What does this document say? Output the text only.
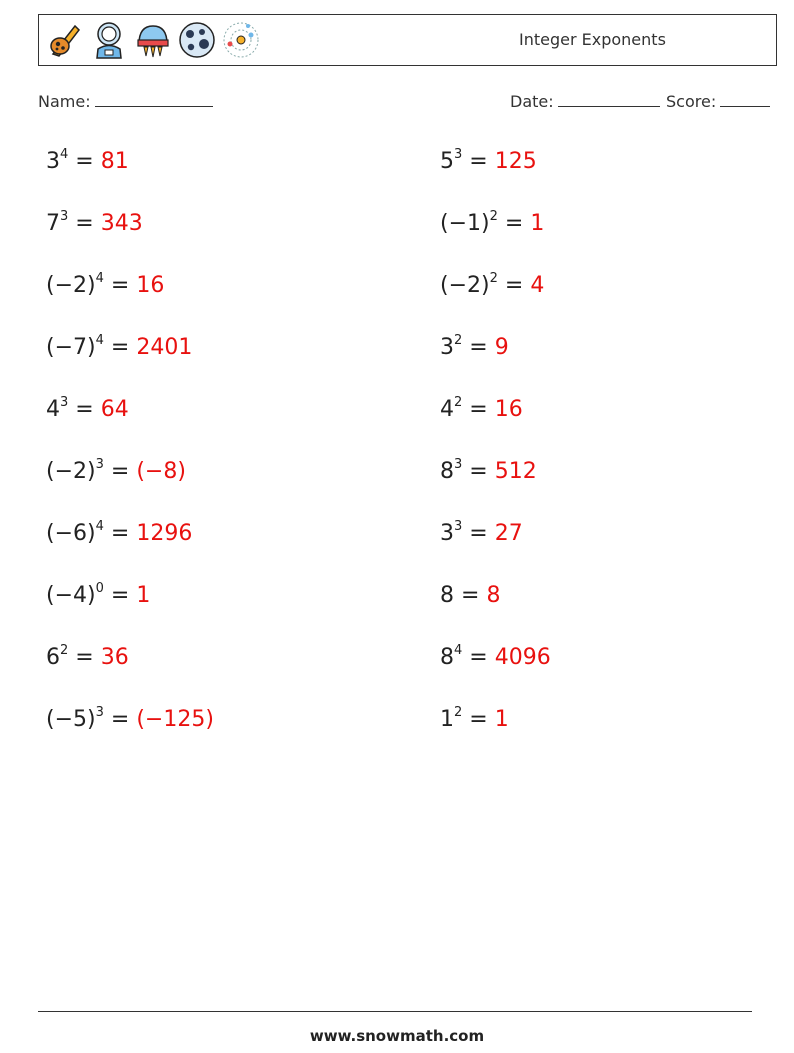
Integer Exponents
Name:	Date:	Score:
$3^4 = 81$	$5^3 = 125$
$7^3 = 343$	$(-1)^2 = 1$
$(-2)^4 = 16$	$(-2)^2 = 4$
$(-7)^4 = 2401$	$3^2 = 9$
$4^3 = 64$	$4^2 = 16$
$(-2)^3 = (-8)$	$8^3 = 512$
$(-6)^4 = 1296$	$3^3 = 27$
$(-4)^0 = 1$	8 = 8
$6^2 = 36$	$8^4 = 4096$
$(-5)^3 = (-125)$	$1^2 = 1$
www.snowmath.com
